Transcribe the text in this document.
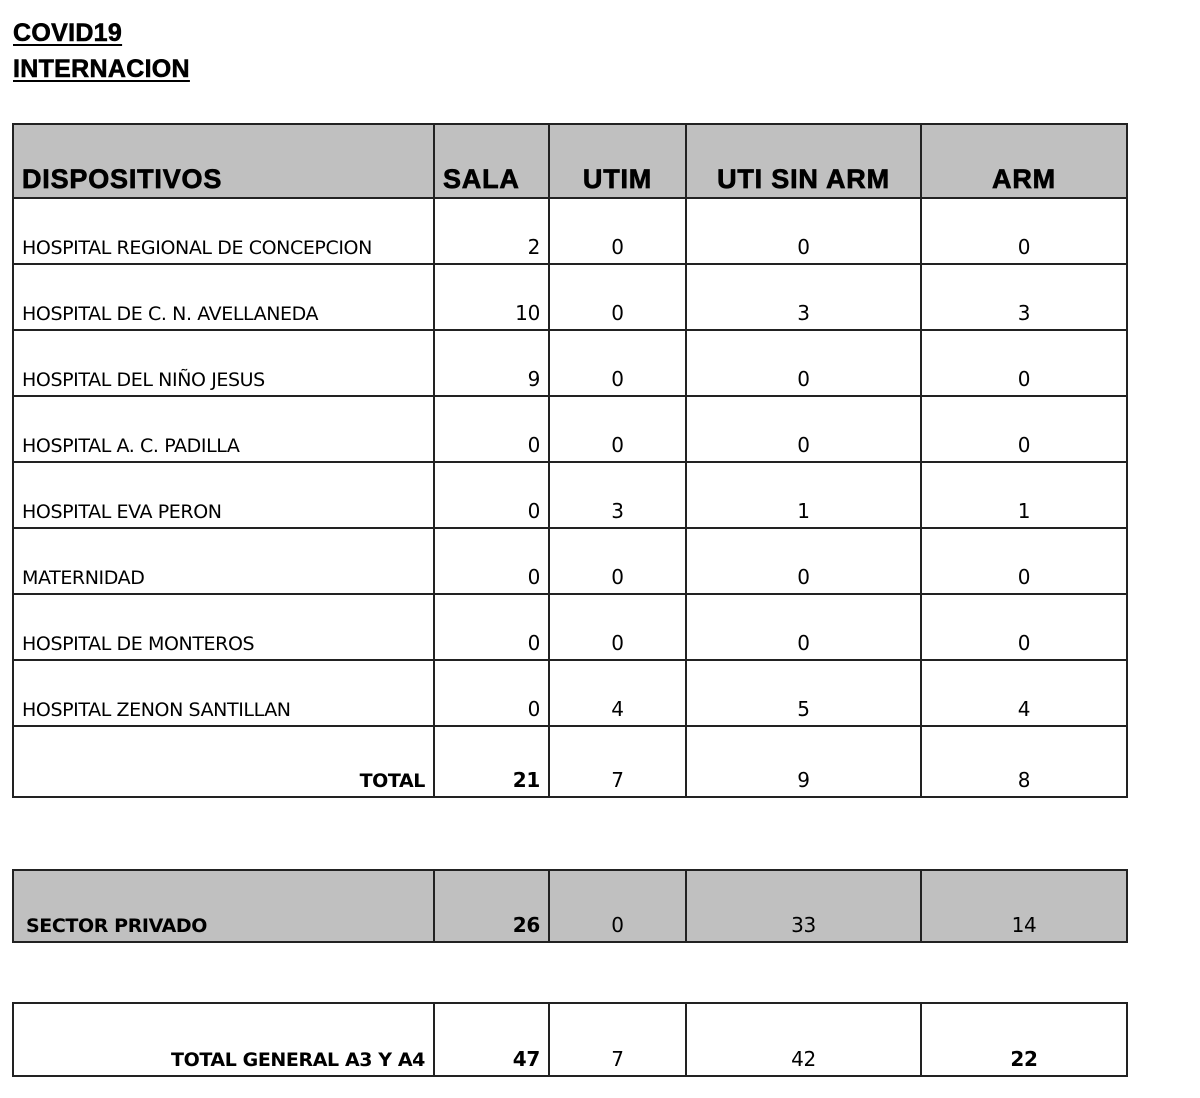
COVID19
INTERNACION
DISPOSITIVOS	SALA	UTIM	UTI SIN ARM	ARM
HOSPITAL REGIONAL DE CONCEPCION	2	0	0	0
HOSPITAL DE C. N. AVELLANEDA	10	0	3	3
HOSPITAL DEL NIÑO JESUS	9	0	0	0
HOSPITAL A. C. PADILLA	0	0	0	0
HOSPITAL EVA PERON	0	3	1	1
MATERNIDAD	0	0	0	0
HOSPITAL DE MONTEROS	0	0	0	0
HOSPITAL ZENON SANTILLAN	0	4	5	4
TOTAL	21	7	9	8
SECTOR PRIVADO	26	0	33	14
TOTAL GENERAL A3 Y A4	47	7	42	22
